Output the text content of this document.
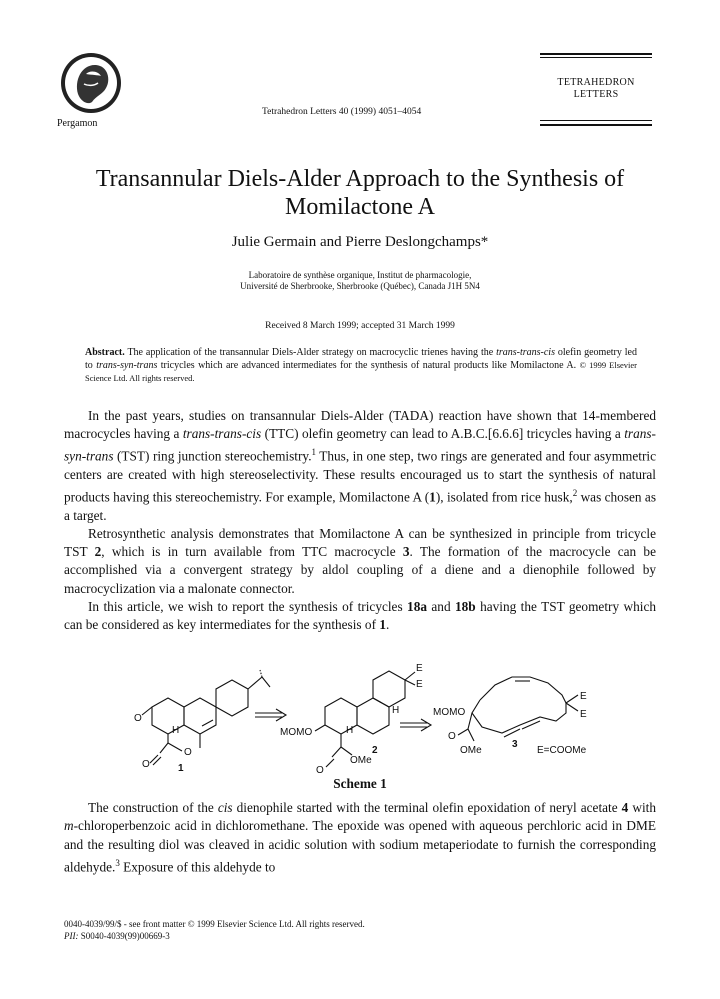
Pergamon
Tetrahedron Letters 40 (1999) 4051–4054
TETRAHEDRON
LETTERS
Transannular Diels-Alder Approach to the Synthesis of
Momilactone A
Julie Germain and Pierre Deslongchamps*
Laboratoire de synthèse organique, Institut de pharmacologie,
Université de Sherbrooke, Sherbrooke (Québec), Canada J1H 5N4
Received 8 March 1999; accepted 31 March 1999
Abstract. The application of the transannular Diels-Alder strategy on macrocyclic trienes having the trans-trans-cis olefin geometry led to trans-syn-trans tricycles which are advanced intermediates for the synthesis of natural products like Momilactone A. © 1999 Elsevier Science Ltd. All rights reserved.

In the past years, studies on transannular Diels-Alder (TADA) reaction have shown that 14-membered macrocycles having a trans-trans-cis (TTC) olefin geometry can lead to A.B.C.[6.6.6] tricycles having a trans-syn-trans (TST) ring junction stereochemistry.$^1$ Thus, in one step, two rings are generated and four asymmetric centers are created with high stereoselectivity. These results encouraged us to start the synthesis of natural products having this stereochemistry. For example, Momilactone A (1), isolated from rice husk,$^2$ was chosen as a target.

Retrosynthetic analysis demonstrates that Momilactone A can be synthesized in principle from tricycle TST 2, which is in turn available from TTC macrocycle 3. The formation of the macrocycle can be accomplished via a convergent strategy by aldol coupling of a diene and a dienophile followed by macrocyclization via a malonate connector.

In this article, we wish to report the synthesis of tricycles 18a and 18b having the TST geometry which can be considered as key intermediates for the synthesis of 1.

O
H
O
O	1
E
E
H
H
MOMO
O
OMe
2
E
E
MOMO
O
OMe
3
E=COOMe
Scheme 1

The construction of the cis dienophile started with the terminal olefin epoxidation of neryl acetate 4 with m-chloroperbenzoic acid in dichloromethane. The epoxide was opened with aqueous perchloric acid in DME and the resulting diol was cleaved in acidic solution with sodium metaperiodate to furnish the corresponding aldehyde.$^3$ Exposure of this aldehyde to

0040-4039/99/$ - see front matter © 1999 Elsevier Science Ltd. All rights reserved.
PII: S0040-4039(99)00669-3
